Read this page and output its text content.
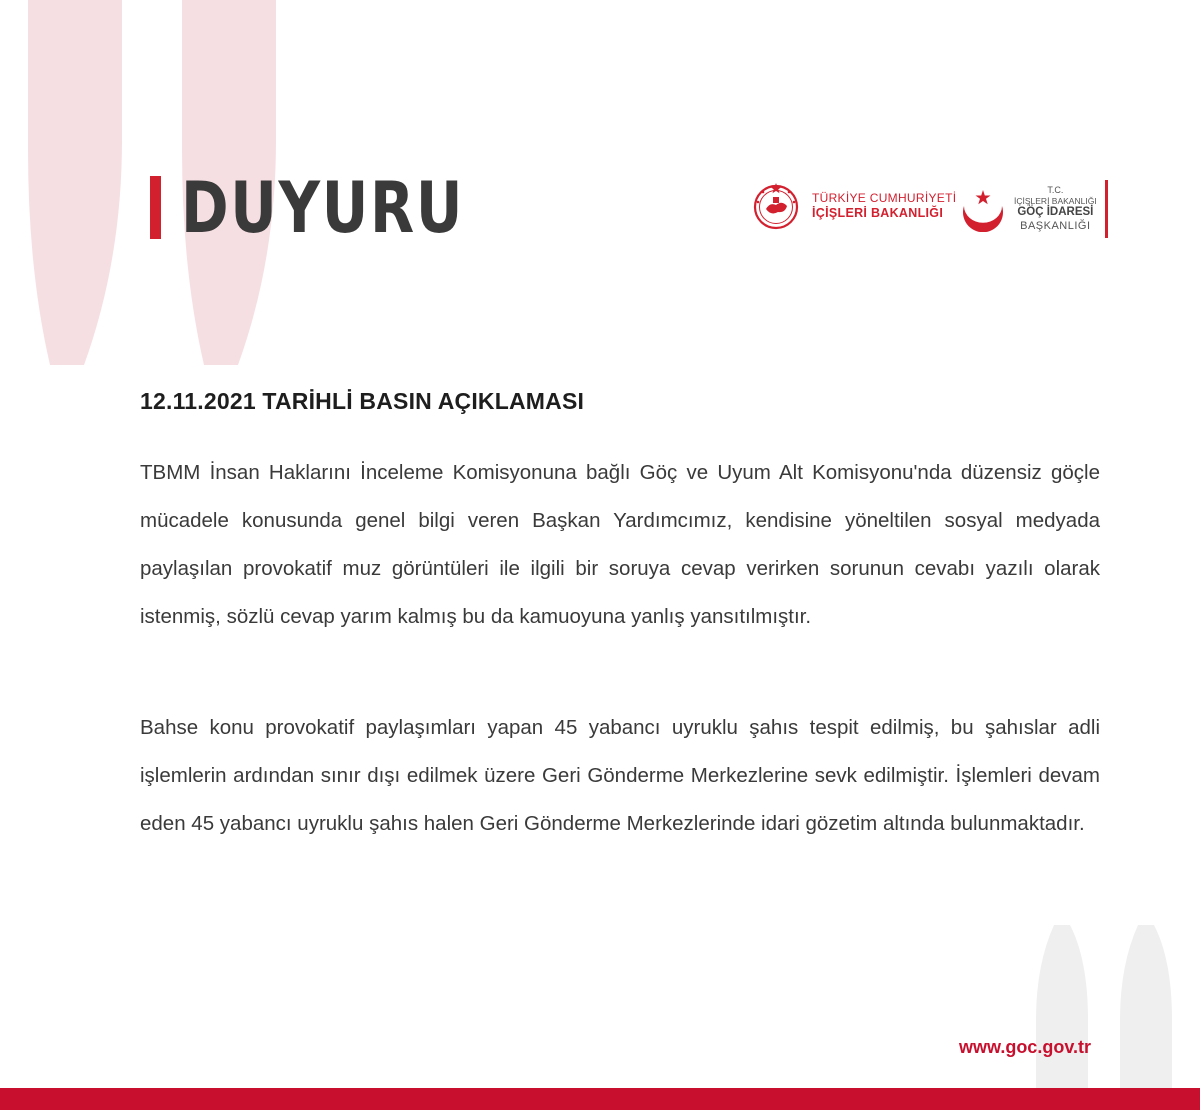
DUYURU	TÜRKİYE CUMHURİYETİ
İÇİŞLERİ BAKANLIĞI
T.C.
İÇİŞLERİ BAKANLIĞI
GÖÇ İDARESİ
BAŞKANLIĞI
12.11.2021 TARİHLİ BASIN AÇIKLAMASI

TBMM İnsan Haklarını İnceleme Komisyonuna bağlı Göç ve Uyum Alt Komisyonu'nda düzensiz göçle mücadele konusunda genel bilgi veren Başkan Yardımcımız, kendisine yöneltilen sosyal medyada paylaşılan provokatif muz görüntüleri ile ilgili bir soruya cevap verirken sorunun cevabı yazılı olarak istenmiş, sözlü cevap yarım kalmış bu da kamuoyuna yanlış yansıtılmıştır.

Bahse konu provokatif paylaşımları yapan 45 yabancı uyruklu şahıs tespit edilmiş, bu şahıslar adli işlemlerin ardından sınır dışı edilmek üzere Geri Gönderme Merkezlerine sevk edilmiştir. İşlemleri devam eden 45 yabancı uyruklu şahıs halen Geri Gönderme Merkezlerinde idari gözetim altında bulunmaktadır.

www.goc.gov.tr
